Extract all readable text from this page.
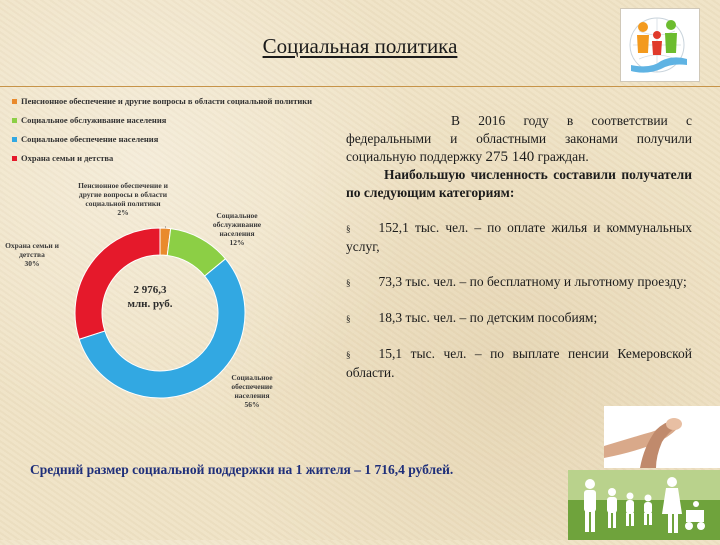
Социальная политика
Пенсионное обеспечение и другие вопросы в области социальной политики
Социальное обслуживание населения
Социальное обеспечение населения
Охрана семьи и детства
Пенсионное обеспечение и другие вопросы в области социальной политики 2%	Социальное обслуживание населения 12%
Социальное обеспечение населения 56%
Охрана семьи и детства 30%
2 976,3 млн. руб.

В 2016 году в соответствии с федеральными и областными законами получили социальную поддержку 275 140 граждан.

Наибольшую численность составили получатели по следующим категориям:

§ 152,1 тыс. чел. – по оплате жилья и коммунальных услуг,

§ 73,3 тыс. чел. – по бесплатному и льготному проезду;

§ 18,3 тыс. чел. – по детским пособиям;

§ 15,1 тыс. чел. – по выплате пенсии Кемеровской области.

Средний размер социальной поддержки на 1 жителя – 1 716,4 рублей.
